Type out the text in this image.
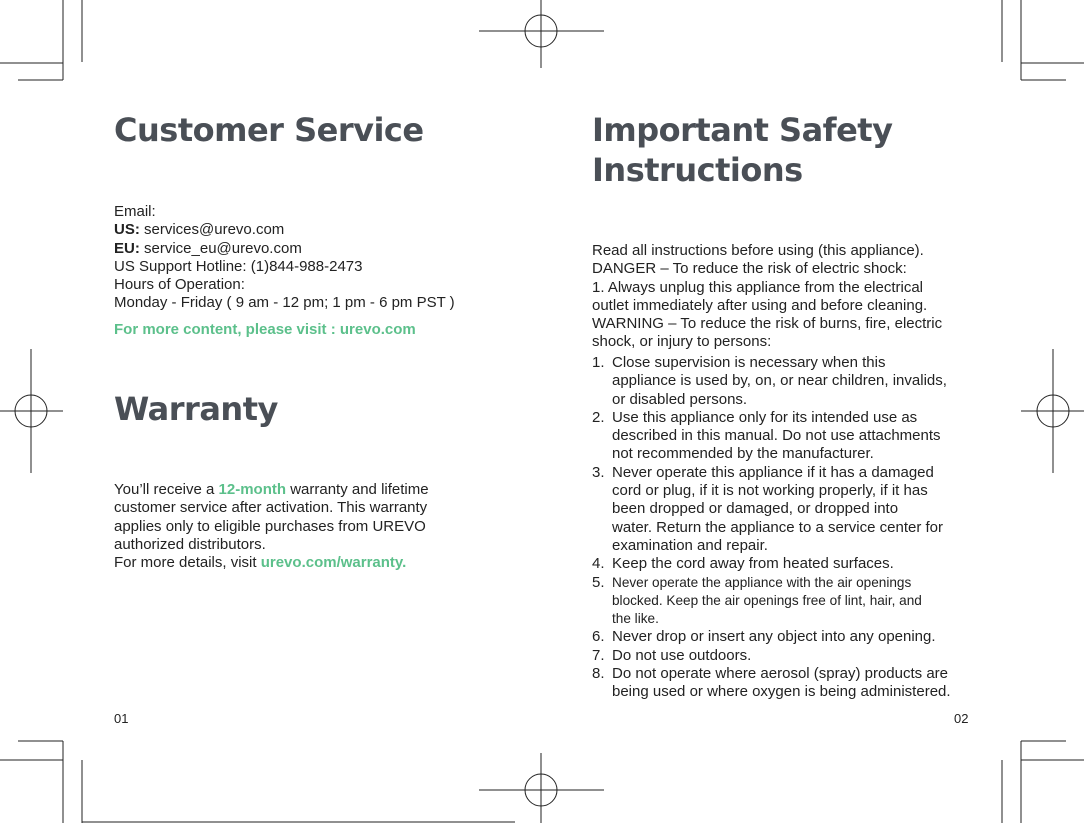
Customer Service
Email:
US: services@urevo.com
EU: service_eu@urevo.com
US Support Hotline: (1)844-988-2473
Hours of Operation:
Monday - Friday ( 9 am - 12 pm; 1 pm - 6 pm PST )
For more content, please visit : urevo.com
Warranty
You’ll receive a 12-month warranty and lifetime
customer service after activation. This warranty
applies only to eligible purchases from UREVO
authorized distributors.
For more details, visit urevo.com/warranty.
01
Important Safety
Instructions
Read all instructions before using (this appliance).
DANGER – To reduce the risk of electric shock:
1. Always unplug this appliance from the electrical
outlet immediately after using and before cleaning.
WARNING – To reduce the risk of burns, fire, electric
shock, or injury to persons:
1. Close supervision is necessary when this
appliance is used by, on, or near children, invalids,
or disabled persons.
2. Use this appliance only for its intended use as
described in this manual. Do not use attachments
not recommended by the manufacturer.
3. Never operate this appliance if it has a damaged
cord or plug, if it is not working properly, if it has
been dropped or damaged, or dropped into
water. Return the appliance to a service center for
examination and repair.
4. Keep the cord away from heated surfaces.
5. Never operate the appliance with the air openings
blocked. Keep the air openings free of lint, hair, and
the like.
6. Never drop or insert any object into any opening.
7. Do not use outdoors.
8. Do not operate where aerosol (spray) products are
being used or where oxygen is being administered.
02
